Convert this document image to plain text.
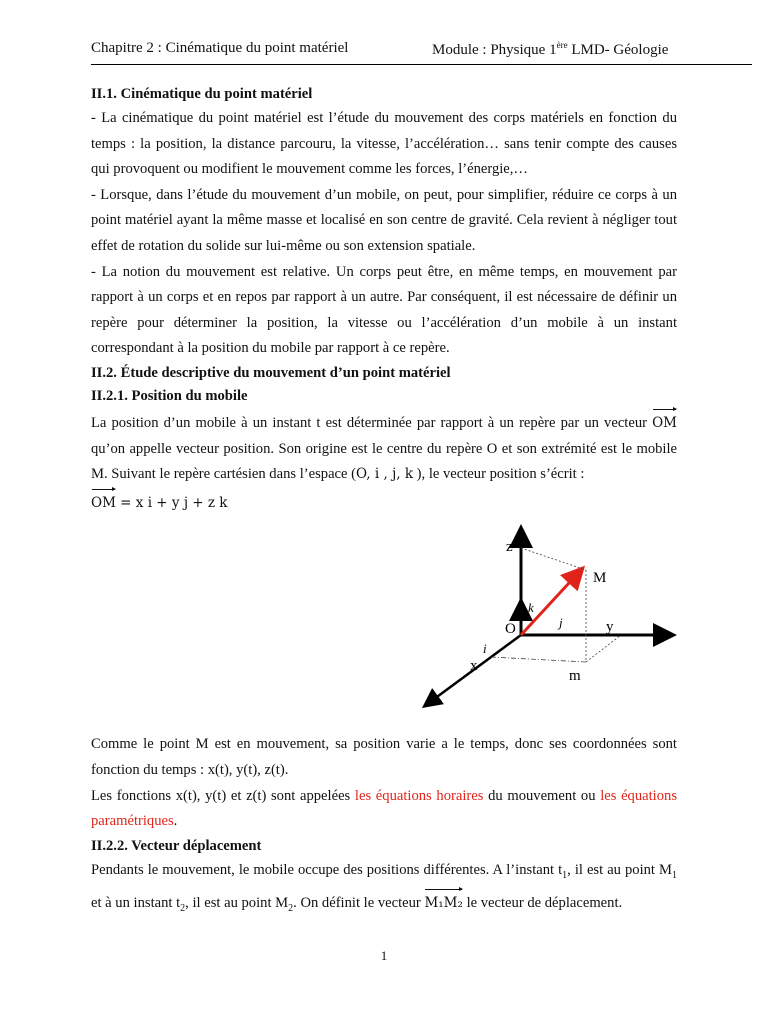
Chapitre 2 : Cinématique du point matériel	Module : Physique 1ère LMD- Géologie
II.1. Cinématique du point matériel

- La cinématique du point matériel est l’étude du mouvement des corps matériels en fonction du temps : la position, la distance parcouru, la vitesse, l’accélération… sans tenir compte des causes qui provoquent ou modifient le mouvement comme les forces, l’énergie,…

- Lorsque, dans l’étude du mouvement d’un mobile, on peut, pour simplifier, réduire ce corps à un point matériel ayant la même masse et localisé en son centre de gravité. Cela revient à négliger tout effet de rotation du solide sur lui-même ou son extension spatiale.

- La notion du mouvement est relative. Un corps peut être, en même temps, en mouvement par rapport à un corps et en repos par rapport à un autre. Par conséquent, il est nécessaire de définir un repère pour déterminer la position, la vitesse ou l’accélération d’un mobile à un instant correspondant à la position du mobile par rapport à ce repère.

II.2. Étude descriptive du mouvement d’un point matériel
II.2.1. Position du mobile

La position d’un mobile à un instant t est déterminée par rapport à un repère par un vecteur OM qu’on appelle vecteur position. Son origine est le centre du repère O et son extrémité est le mobile M. Suivant le repère cartésien dans l’espace (O, i , j, k ), le vecteur position s’écrit :

OM = x i + y j + z k

z
M
k
j
O	y
i
x
m

Comme le point M est en mouvement, sa position varie a le temps, donc ses coordonnées sont fonction du temps : x(t), y(t), z(t).

Les fonctions x(t), y(t) et z(t) sont appelées les équations horaires du mouvement ou les équations paramétriques.

II.2.2. Vecteur déplacement

Pendants le mouvement, le mobile occupe des positions différentes. A l’instant $t_1$, il est au point $M_1$ et à un instant $t_2$, il est au point $M_2$. On définit le vecteur M₁M₂ le vecteur de déplacement.

1
